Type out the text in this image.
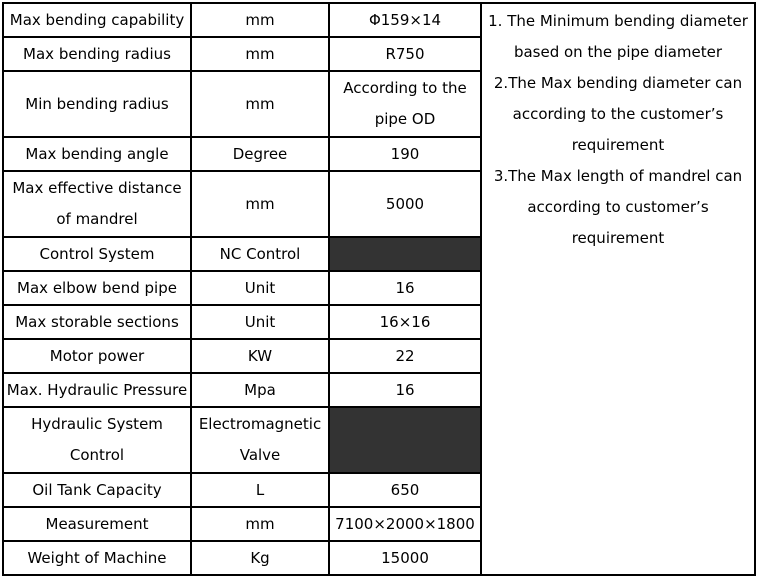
Max bending capability	mm	Φ159×14	1. The Minimum bending diameter based on the pipe diameter
2.The Max bending diameter can according to the customer’s requirement
3.The Max length of mandrel can according to customer’s requirement

Max bending radius	mm	R750	
Min bending radius	mm	According to the pipe OD	
Max bending angle	Degree	190	
Max effective distance of mandrel	mm	5000	
Control System	NC Control		
Max elbow bend pipe	Unit	16	
Max storable sections	Unit	16×16	
Motor power	KW	22	
Max. Hydraulic Pressure	Mpa	16	
Hydraulic System Control	Electromagnetic Valve		
Oil Tank Capacity	L	650	
Measurement	mm	7100×2000×1800	
Weight of Machine	Kg	15000	
